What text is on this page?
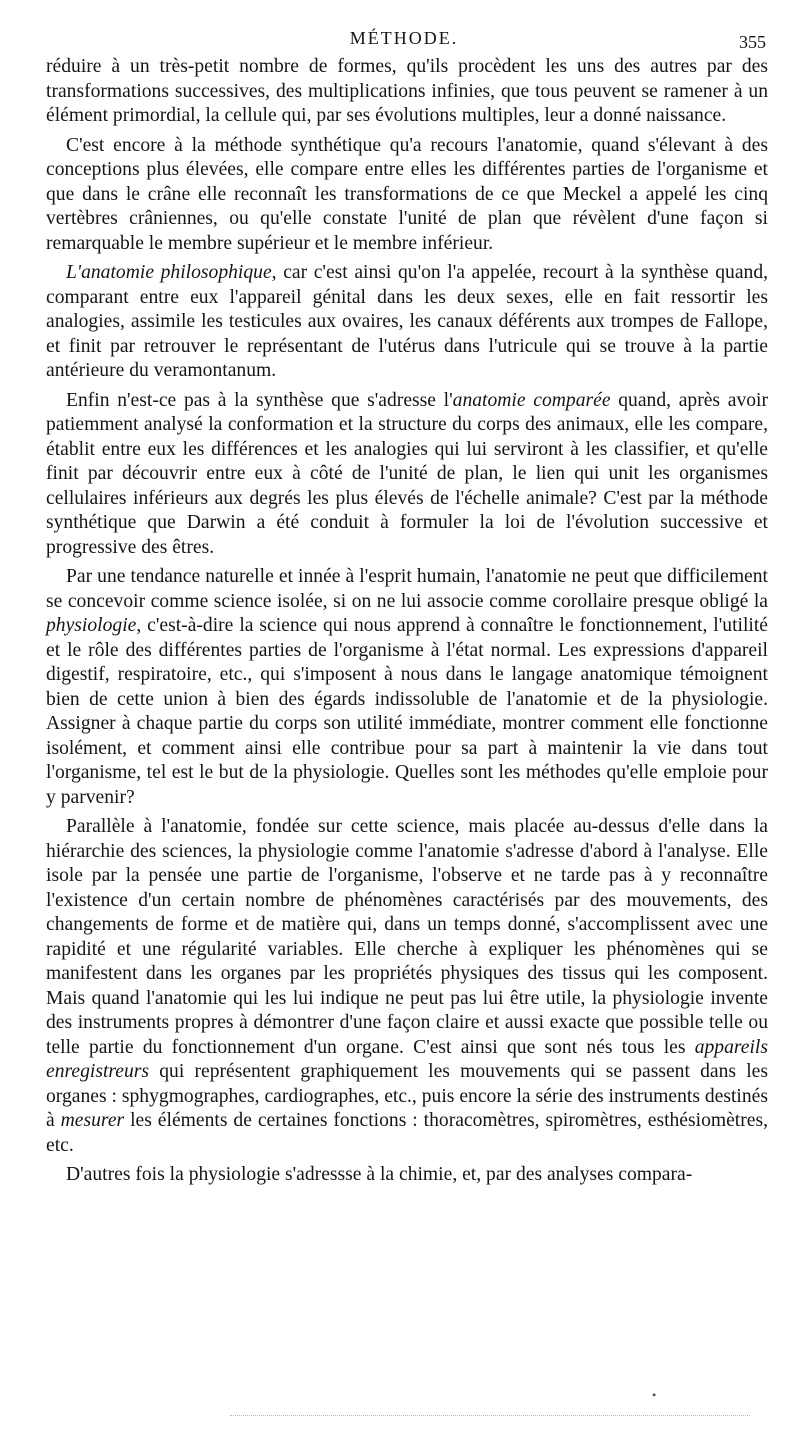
MÉTHODE.	355

réduire à un très-petit nombre de formes, qu'ils procèdent les uns des autres par des transformations successives, des multiplications infinies, que tous peuvent se ramener à un élément primordial, la cellule qui, par ses évolutions multiples, leur a donné naissance.

C'est encore à la méthode synthétique qu'a recours l'anatomie, quand s'élevant à des conceptions plus élevées, elle compare entre elles les différentes parties de l'organisme et que dans le crâne elle reconnaît les transformations de ce que Meckel a appelé les cinq vertèbres crâniennes, ou qu'elle constate l'unité de plan que révèlent d'une façon si remarquable le membre supérieur et le membre inférieur.

L'anatomie philosophique, car c'est ainsi qu'on l'a appelée, recourt à la synthèse quand, comparant entre eux l'appareil génital dans les deux sexes, elle en fait ressortir les analogies, assimile les testicules aux ovaires, les canaux déférents aux trompes de Fallope, et finit par retrouver le représentant de l'utérus dans l'utricule qui se trouve à la partie antérieure du veramontanum.

Enfin n'est-ce pas à la synthèse que s'adresse l'anatomie comparée quand, après avoir patiemment analysé la conformation et la structure du corps des animaux, elle les compare, établit entre eux les différences et les analogies qui lui serviront à les classifier, et qu'elle finit par découvrir entre eux à côté de l'unité de plan, le lien qui unit les organismes cellulaires inférieurs aux degrés les plus élevés de l'échelle animale? C'est par la méthode synthétique que Darwin a été conduit à formuler la loi de l'évolution successive et progressive des êtres.

Par une tendance naturelle et innée à l'esprit humain, l'anatomie ne peut que difficilement se concevoir comme science isolée, si on ne lui associe comme corollaire presque obligé la physiologie, c'est-à-dire la science qui nous apprend à connaître le fonctionnement, l'utilité et le rôle des différentes parties de l'organisme à l'état normal. Les expressions d'appareil digestif, respiratoire, etc., qui s'imposent à nous dans le langage anatomique témoignent bien de cette union à bien des égards indissoluble de l'anatomie et de la physiologie. Assigner à chaque partie du corps son utilité immédiate, montrer comment elle fonctionne isolément, et comment ainsi elle contribue pour sa part à maintenir la vie dans tout l'organisme, tel est le but de la physiologie. Quelles sont les méthodes qu'elle emploie pour y parvenir?

Parallèle à l'anatomie, fondée sur cette science, mais placée au-dessus d'elle dans la hiérarchie des sciences, la physiologie comme l'anatomie s'adresse d'abord à l'analyse. Elle isole par la pensée une partie de l'organisme, l'observe et ne tarde pas à y reconnaître l'existence d'un certain nombre de phénomènes caractérisés par des mouvements, des changements de forme et de matière qui, dans un temps donné, s'accomplissent avec une rapidité et une régularité variables. Elle cherche à expliquer les phénomènes qui se manifestent dans les organes par les propriétés physiques des tissus qui les composent. Mais quand l'anatomie qui les lui indique ne peut pas lui être utile, la physiologie invente des instruments propres à démontrer d'une façon claire et aussi exacte que possible telle ou telle partie du fonctionnement d'un organe. C'est ainsi que sont nés tous les appareils enregistreurs qui représentent graphiquement les mouvements qui se passent dans les organes : sphygmographes, cardiographes, etc., puis encore la série des instruments destinés à mesurer les éléments de certaines fonctions : thoracomètres, spiromètres, esthésiomètres, etc.

D'autres fois la physiologie s'adressse à la chimie, et, par des analyses compara-

•
